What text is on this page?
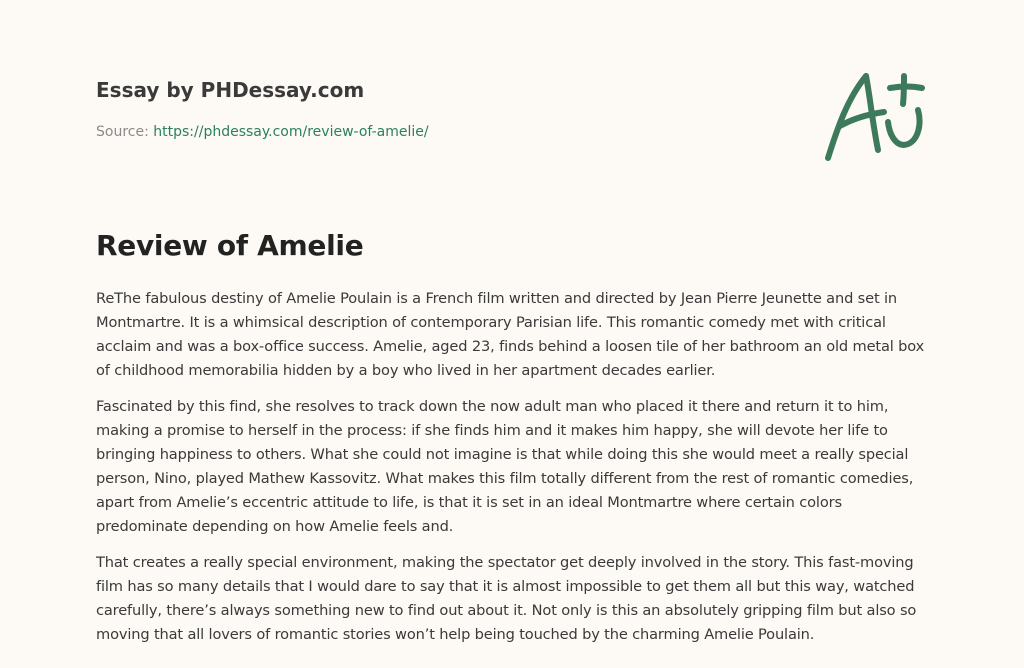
Essay by PHDessay.com
Source: https://phdessay.com/review-of-amelie/
Review of Amelie

ReThe fabulous destiny of Amelie Poulain is a French film written and directed by Jean Pierre Jeunette and set in Montmartre. It is a whimsical description of contemporary Parisian life. This romantic comedy met with critical acclaim and was a box-office success. Amelie, aged 23, finds behind a loosen tile of her bathroom an old metal box of childhood memorabilia hidden by a boy who lived in her apartment decades earlier.

Fascinated by this find, she resolves to track down the now adult man who placed it there and return it to him, making a promise to herself in the process: if she finds him and it makes him happy, she will devote her life to bringing happiness to others. What she could not imagine is that while doing this she would meet a really special person, Nino, played Mathew Kassovitz. What makes this film totally different from the rest of romantic comedies, apart from Amelie’s eccentric attitude to life, is that it is set in an ideal Montmartre where certain colors predominate depending on how Amelie feels and.

That creates a really special environment, making the spectator get deeply involved in the story. This fast-moving film has so many details that I would dare to say that it is almost impossible to get them all but this way, watched carefully, there’s always something new to find out about it. Not only is this an absolutely gripping film but also so moving that all lovers of romantic stories won’t help being touched by the charming Amelie Poulain.
